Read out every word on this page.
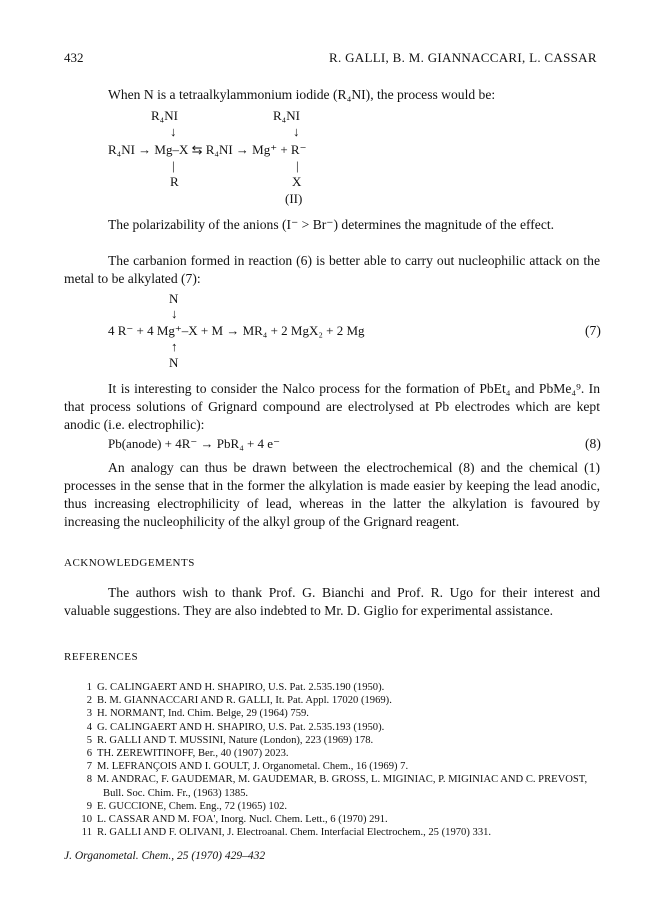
432	R. GALLI, B. M. GIANNACCARI, L. CASSAR
When N is a tetraalkylammonium iodide (R₄NI), the process would be:
R₄NI	R₄NI
↓	↓
R₄NI → Mg–X ⇆ R₄NI → Mg⁺ + R⁻
|	|
R	X
(II)
The polarizability of the anions (I⁻ > Br⁻) determines the magnitude of the effect.
The carbanion formed in reaction (6) is better able to carry out nucleophilic attack on the metal to be alkylated (7):
N
↓
4 R⁻ + 4 Mg⁺–X + M → MR₄ + 2 MgX₂ + 2 Mg	(7)
↑
N
It is interesting to consider the Nalco process for the formation of PbEt₄ and PbMe₄⁹. In that process solutions of Grignard compound are electrolysed at Pb electrodes which are kept anodic (i.e. electrophilic):
Pb(anode) + 4R⁻ → PbR₄ + 4 e⁻	(8)
An analogy can thus be drawn between the electrochemical (8) and the chemical (1) processes in the sense that in the former the alkylation is made easier by keeping the lead anodic, thus increasing electrophilicity of lead, whereas in the latter the alkylation is favoured by increasing the nucleophilicity of the alkyl group of the Grignard reagent.
ACKNOWLEDGEMENTS
The authors wish to thank Prof. G. Bianchi and Prof. R. Ugo for their interest and valuable suggestions. They are also indebted to Mr. D. Giglio for experimental assistance.
REFERENCES
1 G. CALINGAERT AND H. SHAPIRO, U.S. Pat. 2.535.190 (1950).
2 B. M. GIANNACCARI AND R. GALLI, It. Pat. Appl. 17020 (1969).
3 H. NORMANT, Ind. Chim. Belge, 29 (1964) 759.
4 G. CALINGAERT AND H. SHAPIRO, U.S. Pat. 2.535.193 (1950).
5 R. GALLI AND T. MUSSINI, Nature (London), 223 (1969) 178.
6 TH. ZEREWITINOFF, Ber., 40 (1907) 2023.
7 M. LEFRANÇOIS AND I. GOULT, J. Organometal. Chem., 16 (1969) 7.
8 M. ANDRAC, F. GAUDEMAR, M. GAUDEMAR, B. GROSS, L. MIGINIAC, P. MIGINIAC AND C. PREVOST,
Bull. Soc. Chim. Fr., (1963) 1385.
9 E. GUCCIONE, Chem. Eng., 72 (1965) 102.
10 L. CASSAR AND M. FOA', Inorg. Nucl. Chem. Lett., 6 (1970) 291.
11 R. GALLI AND F. OLIVANI, J. Electroanal. Chem. Interfacial Electrochem., 25 (1970) 331.
J. Organometal. Chem., 25 (1970) 429–432
